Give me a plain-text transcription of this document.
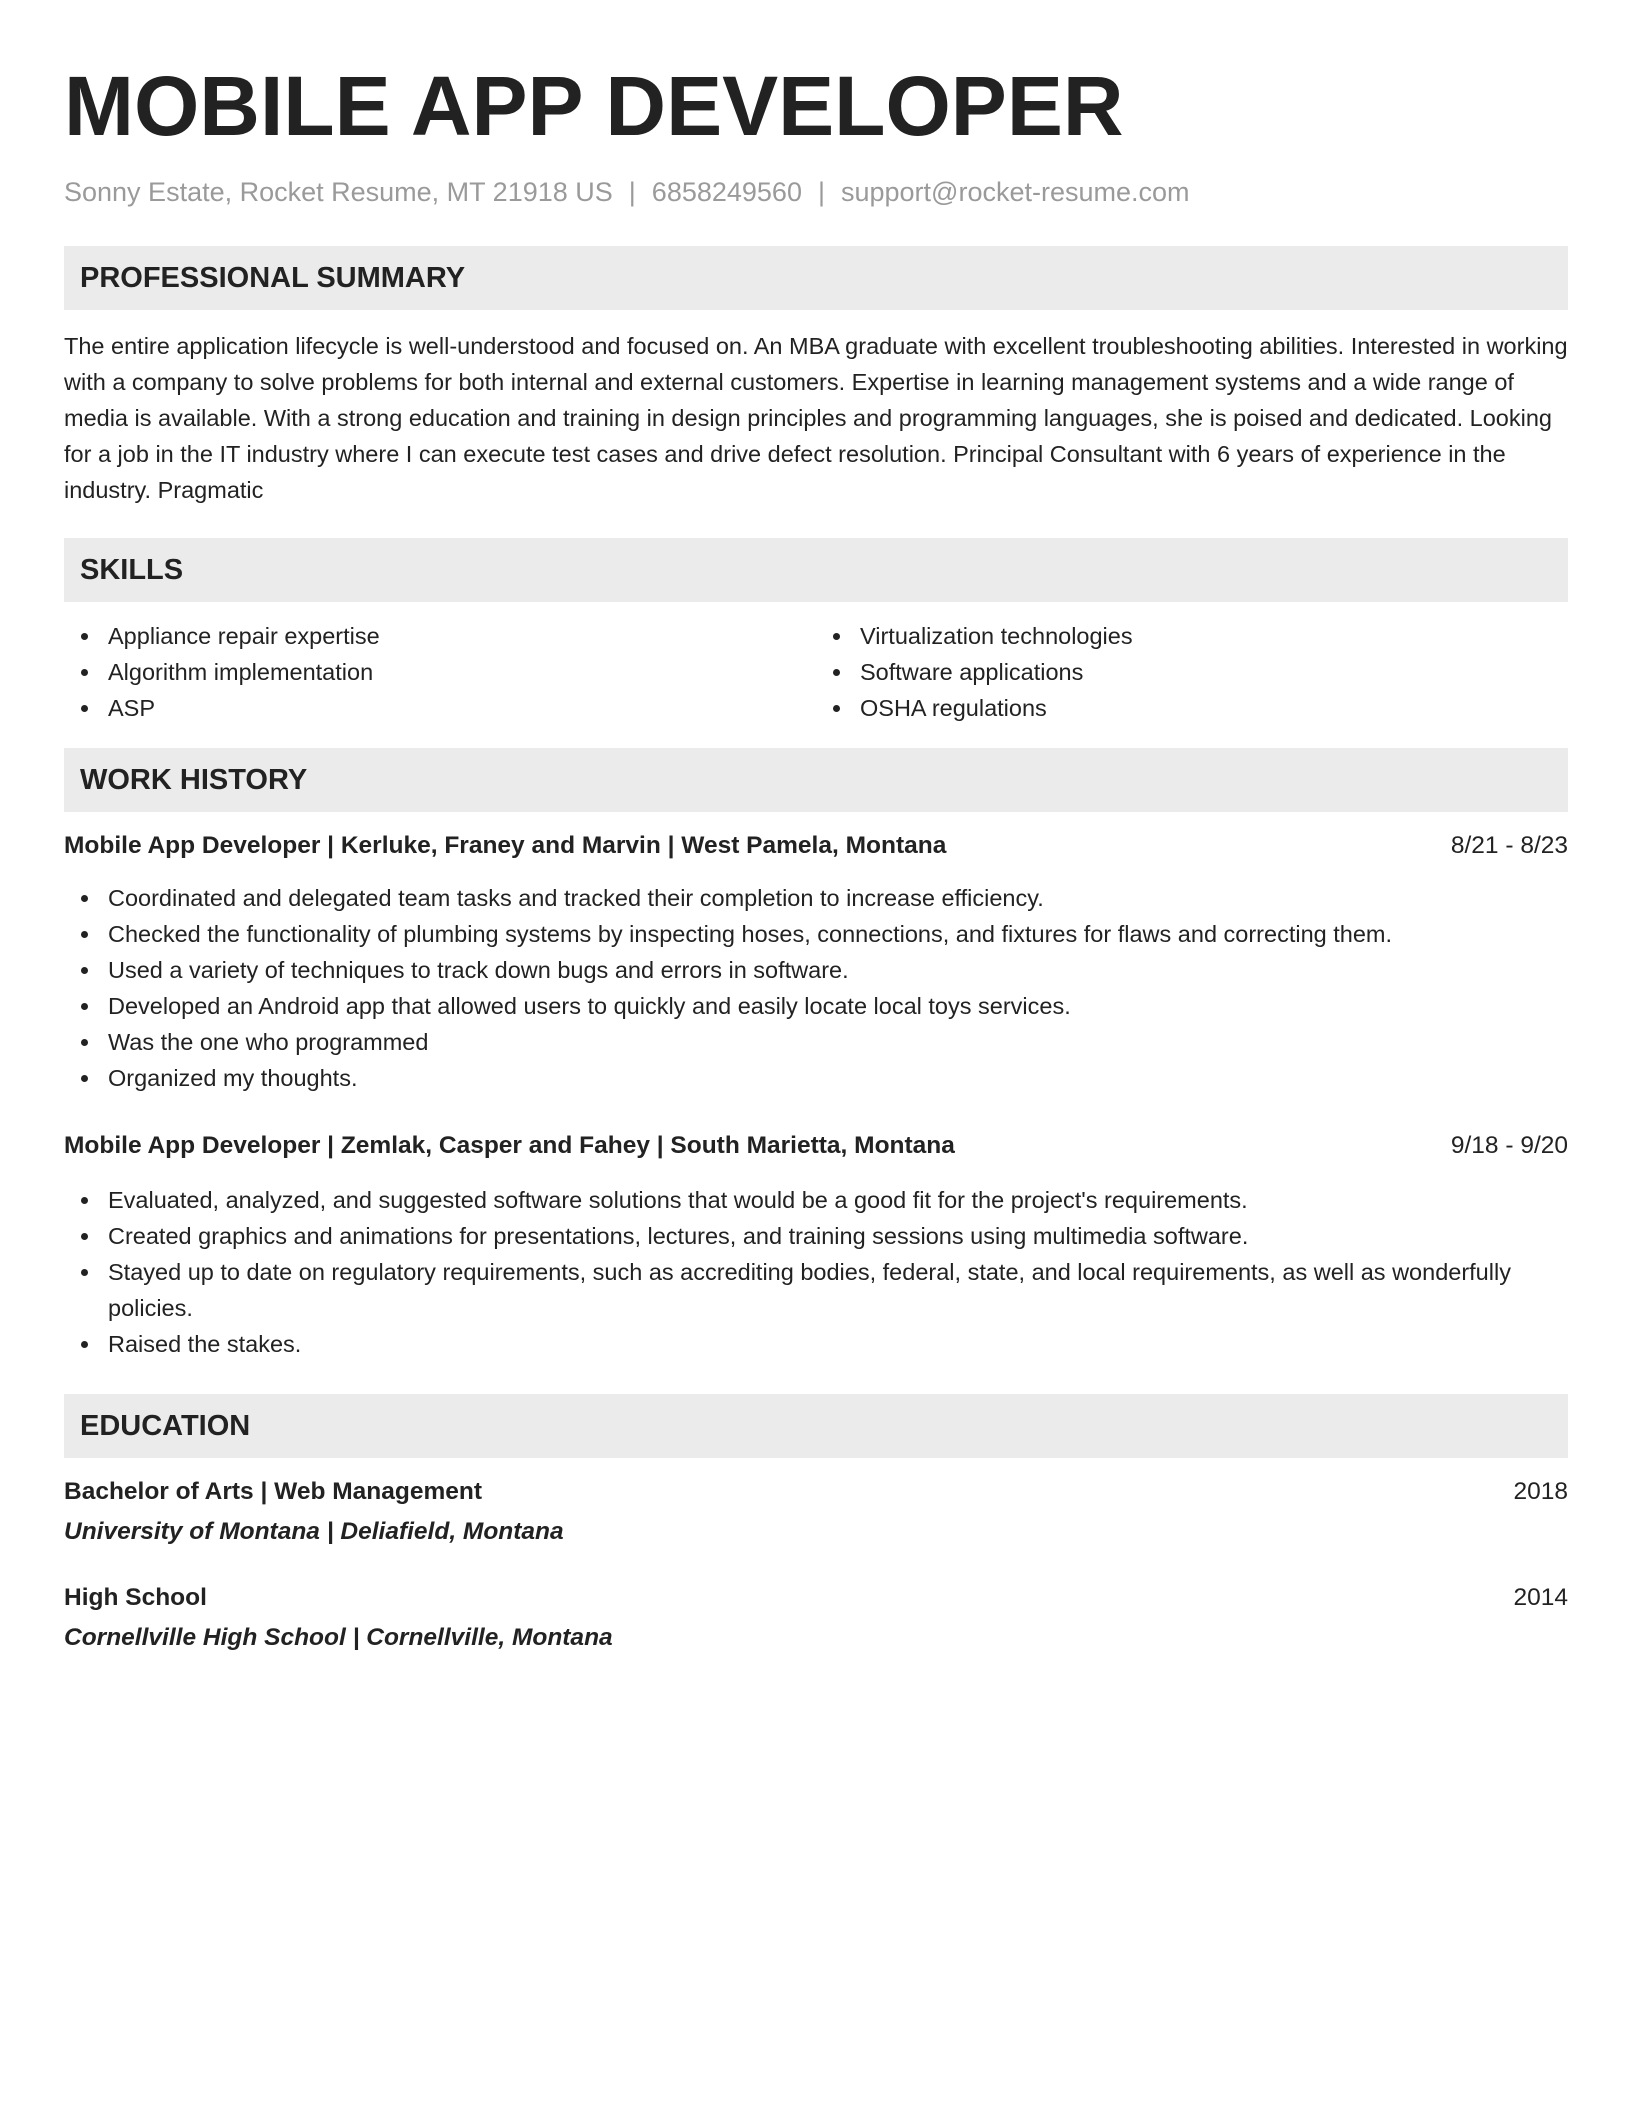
MOBILE APP DEVELOPER
Sonny Estate, Rocket Resume, MT 21918 US | 6858249560 | support@rocket-resume.com
PROFESSIONAL SUMMARY

The entire application lifecycle is well-understood and focused on. An MBA graduate with excellent troubleshooting abilities. Interested in working with a company to solve problems for both internal and external customers. Expertise in learning management systems and a wide range of media is available. With a strong education and training in design principles and programming languages, she is poised and dedicated. Looking for a job in the IT industry where I can execute test cases and drive defect resolution. Principal Consultant with 6 years of experience in the industry. Pragmatic

SKILLS
Appliance repair expertise
Algorithm implementation
ASP
Virtualization technologies
Software applications
OSHA regulations
WORK HISTORY
Mobile App Developer | Kerluke, Franey and Marvin | West Pamela, Montana	8/21 - 8/23
Coordinated and delegated team tasks and tracked their completion to increase efficiency.
Checked the functionality of plumbing systems by inspecting hoses, connections, and fixtures for flaws and correcting them.
Used a variety of techniques to track down bugs and errors in software.
Developed an Android app that allowed users to quickly and easily locate local toys services.
Was the one who programmed
Organized my thoughts.
Mobile App Developer | Zemlak, Casper and Fahey | South Marietta, Montana	9/18 - 9/20
Evaluated, analyzed, and suggested software solutions that would be a good fit for the project's requirements.
Created graphics and animations for presentations, lectures, and training sessions using multimedia software.
Stayed up to date on regulatory requirements, such as accrediting bodies, federal, state, and local requirements, as well as wonderfully policies.
Raised the stakes.
EDUCATION
Bachelor of Arts | Web Management	2018
University of Montana | Deliafield, Montana
High School	2014
Cornellville High School | Cornellville, Montana
